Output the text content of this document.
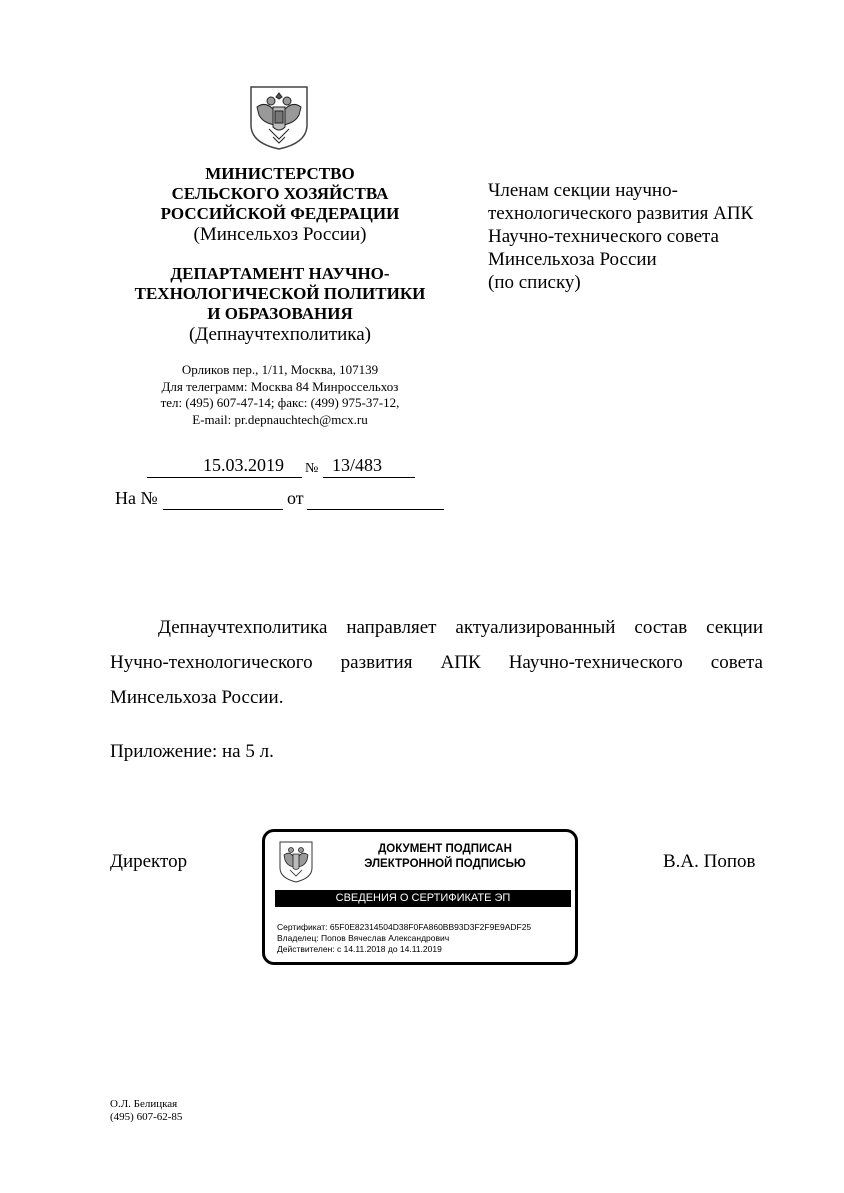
МИНИСТЕРСТВО
СЕЛЬСКОГО ХОЗЯЙСТВА
РОССИЙСКОЙ ФЕДЕРАЦИИ
(Минсельхоз России)
ДЕПАРТАМЕНТ НАУЧНО-
ТЕХНОЛОГИЧЕСКОЙ ПОЛИТИКИ
И ОБРАЗОВАНИЯ
(Депнаучтехполитика)
Орликов пер., 1/11, Москва, 107139
Для телеграмм: Москва 84 Минроссельхоз
тел: (495) 607-47-14; факс: (499) 975-37-12,
E-mail: pr.depnauchtech@mcx.ru
Членам секции научно-
технологического развития АПК
Научно-технического совета
Минсельхоза России
(по списку)
15.03.2019 № 13/483
На №	от
Депнаучтехполитика направляет актуализированный состав секции Нучно-технологического развития АПК Научно-технического совета Минсельхоза России.
Приложение: на 5 л.
Директор	В.А. Попов
ДОКУМЕНТ ПОДПИСАН
ЭЛЕКТРОННОЙ ПОДПИСЬЮ
СВЕДЕНИЯ О СЕРТИФИКАТЕ ЭП
Сертификат: 65F0E82314504D38F0FA860BB93D3F2F9E9ADF25
Владелец: Попов Вячеслав Александрович
Действителен: с 14.11.2018 до 14.11.2019
О.Л. Белицкая
(495) 607-62-85
